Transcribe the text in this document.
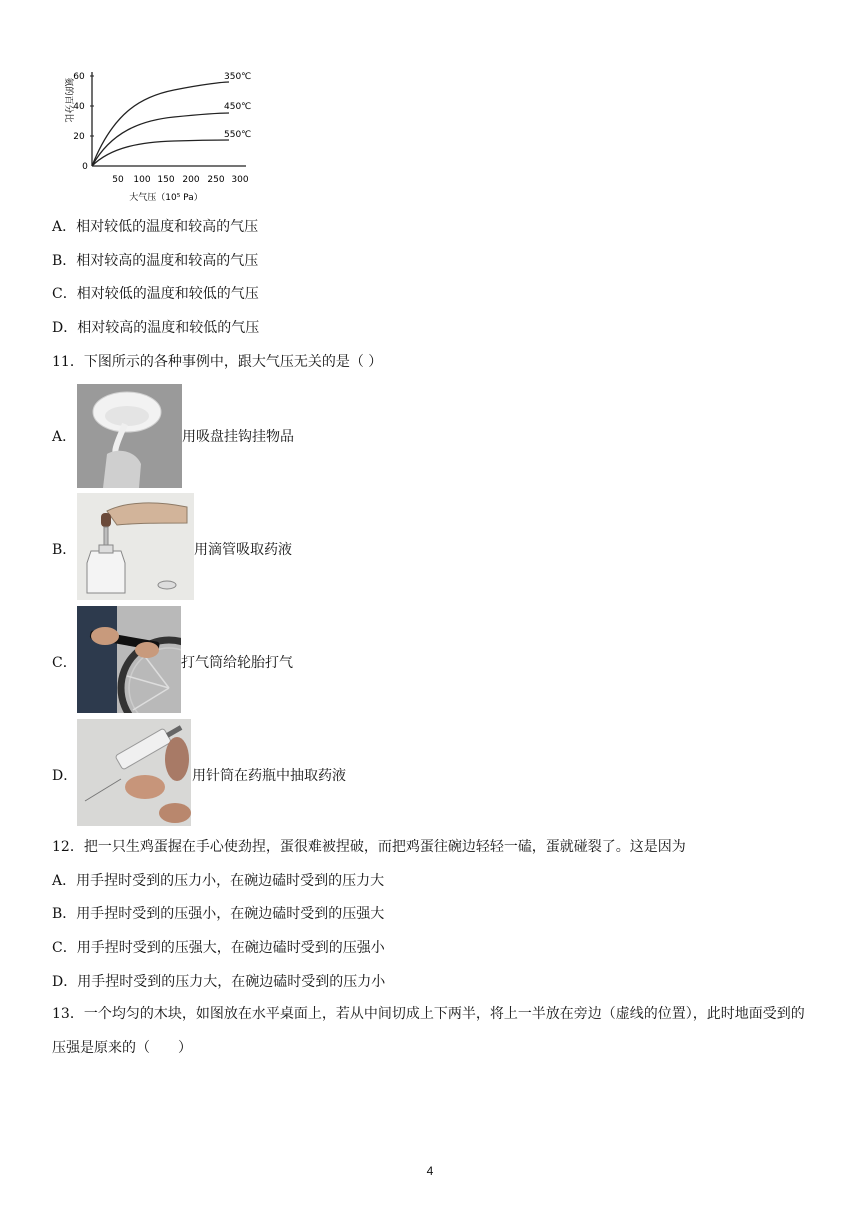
氨的百分比
60
40
20
0
50 100 150 200 250 300
大气压（10⁵ Pa）
350℃
450℃
550℃
A．相对较低的温度和较高的气压
B．相对较高的温度和较高的气压
C．相对较低的温度和较低的气压
D．相对较高的温度和较低的气压
11．下图所示的各种事例中，跟大气压无关的是（ ）
A．	用吸盘挂钩挂物品
B．	用滴管吸取药液
C．	打气筒给轮胎打气
D．	用针筒在药瓶中抽取药液
12．把一只生鸡蛋握在手心使劲捏，蛋很难被捏破，而把鸡蛋往碗边轻轻一磕，蛋就碰裂了。这是因为
A．用手捏时受到的压力小，在碗边磕时受到的压力大
B．用手捏时受到的压强小，在碗边磕时受到的压强大
C．用手捏时受到的压强大，在碗边磕时受到的压强小
D．用手捏时受到的压力大，在碗边磕时受到的压力小
13．一个均匀的木块，如图放在水平桌面上，若从中间切成上下两半，将上一半放在旁边（虚线的位置），此时地面受到的压强是原来的（　　）
4
